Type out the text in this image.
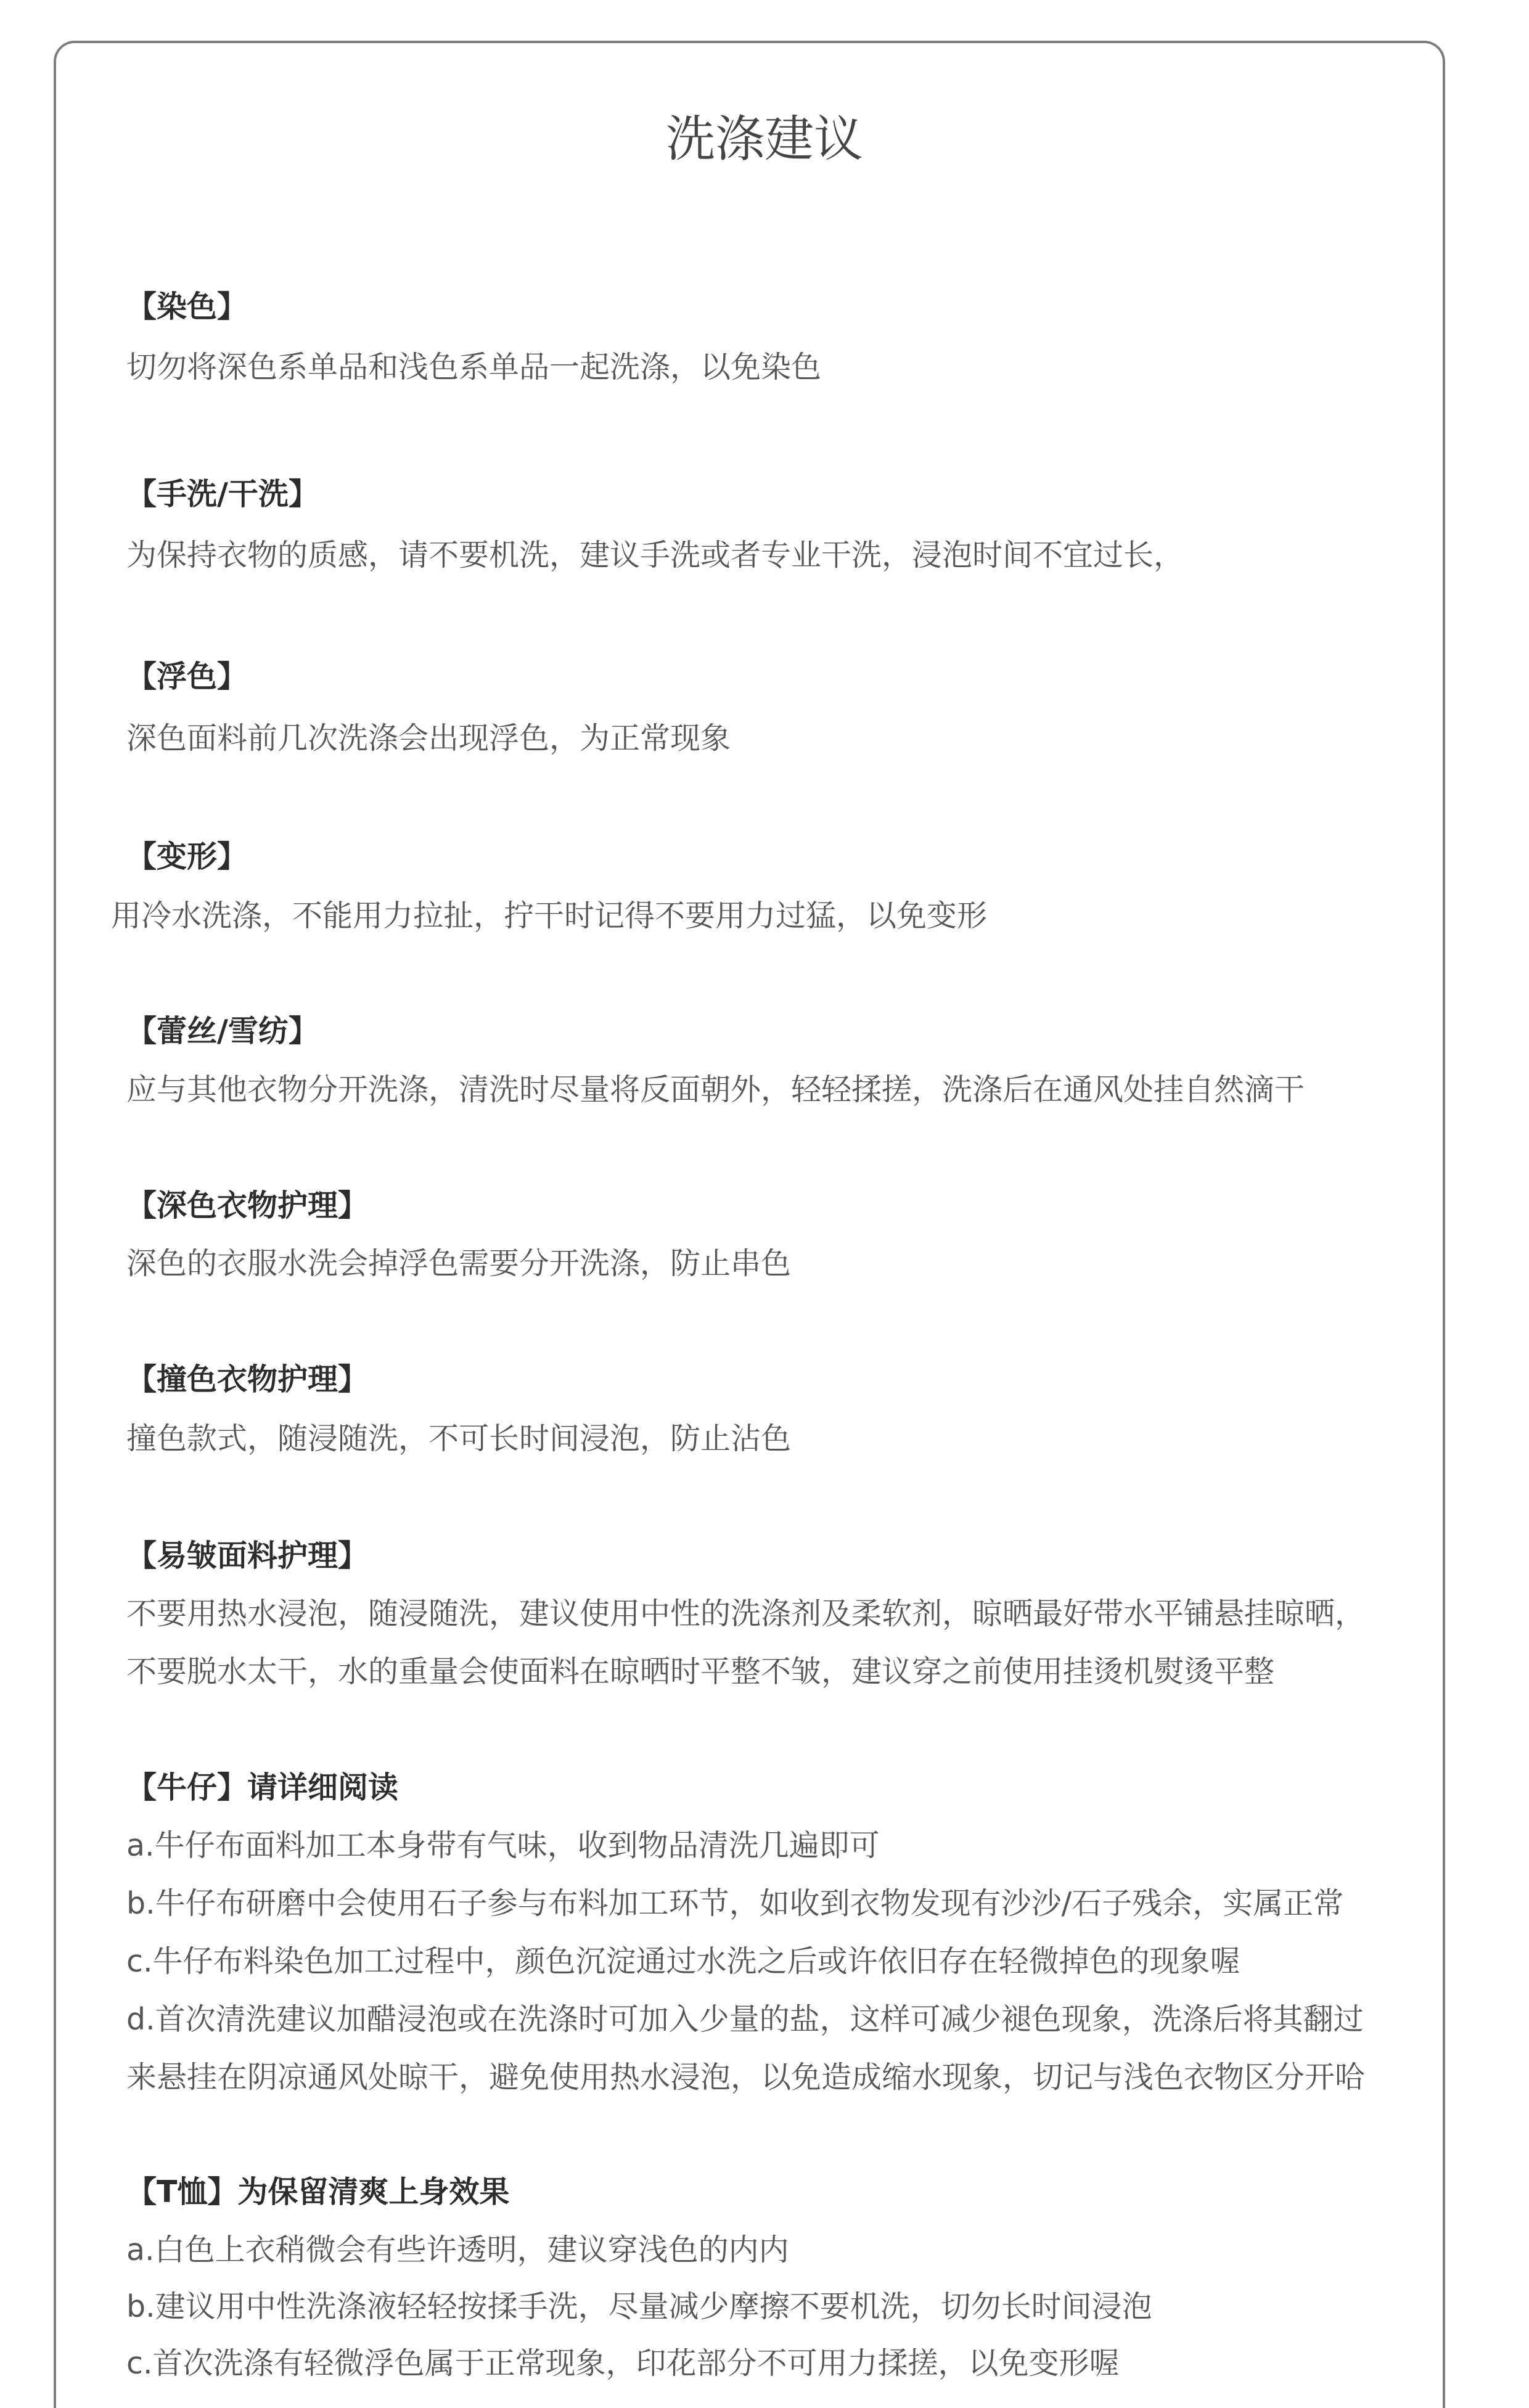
洗涤建议

【染色】

切勿将深色系单品和浅色系单品一起洗涤，以免染色

【手洗/干洗】

为保持衣物的质感，请不要机洗，建议手洗或者专业干洗，浸泡时间不宜过长，

【浮色】

深色面料前几次洗涤会出现浮色，为正常现象

【变形】

用冷水洗涤，不能用力拉扯，拧干时记得不要用力过猛，以免变形

【蕾丝/雪纺】

应与其他衣物分开洗涤，清洗时尽量将反面朝外，轻轻揉搓，洗涤后在通风处挂自然滴干

【深色衣物护理】

深色的衣服水洗会掉浮色需要分开洗涤，防止串色

【撞色衣物护理】

撞色款式，随浸随洗，不可长时间浸泡，防止沾色

【易皱面料护理】

不要用热水浸泡，随浸随洗，建议使用中性的洗涤剂及柔软剂，晾晒最好带水平铺悬挂晾晒，

不要脱水太干，水的重量会使面料在晾晒时平整不皱，建议穿之前使用挂烫机熨烫平整

【牛仔】请详细阅读

a.牛仔布面料加工本身带有气味，收到物品清洗几遍即可

b.牛仔布研磨中会使用石子参与布料加工环节，如收到衣物发现有沙沙/石子残余，实属正常

c.牛仔布料染色加工过程中，颜色沉淀通过水洗之后或许依旧存在轻微掉色的现象喔

d.首次清洗建议加醋浸泡或在洗涤时可加入少量的盐，这样可减少褪色现象，洗涤后将其翻过

来悬挂在阴凉通风处晾干，避免使用热水浸泡，以免造成缩水现象，切记与浅色衣物区分开哈

【T恤】为保留清爽上身效果

a.白色上衣稍微会有些许透明，建议穿浅色的内内

b.建议用中性洗涤液轻轻按揉手洗，尽量减少摩擦不要机洗，切勿长时间浸泡

c.首次洗涤有轻微浮色属于正常现象，印花部分不可用力揉搓，以免变形喔
